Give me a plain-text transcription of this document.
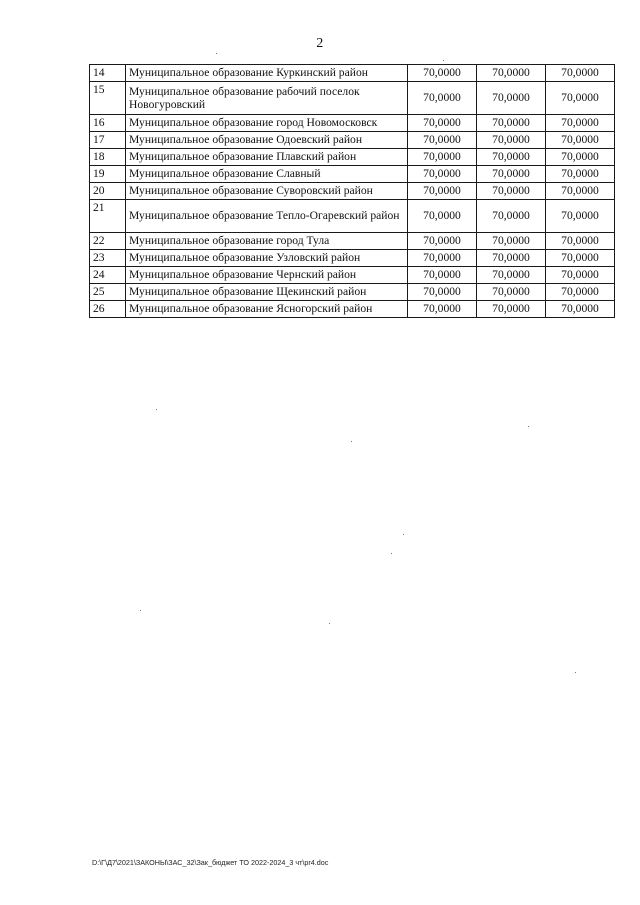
2
14	Муниципальное образование Куркинский район	70,0000	70,0000	70,0000
15	Муниципальное образование рабочий поселок Новогуровский	70,0000	70,0000	70,0000
16	Муниципальное образование город Новомосковск	70,0000	70,0000	70,0000
17	Муниципальное образование Одоевский район	70,0000	70,0000	70,0000
18	Муниципальное образование Плавский район	70,0000	70,0000	70,0000
19	Муниципальное образование Славный	70,0000	70,0000	70,0000
20	Муниципальное образование Суворовский район	70,0000	70,0000	70,0000
21	Муниципальное образование Тепло-Огаревский район	70,0000	70,0000	70,0000
22	Муниципальное образование город Тула	70,0000	70,0000	70,0000
23	Муниципальное образование Узловский район	70,0000	70,0000	70,0000
24	Муниципальное образование Чернский район	70,0000	70,0000	70,0000
25	Муниципальное образование Щекинский район	70,0000	70,0000	70,0000
26	Муниципальное образование Ясногорский район	70,0000	70,0000	70,0000
D:\Г\Д7\2021\ЗАКОНЫ\ЗАС_32\Зак_бюджет ТО 2022-2024_3 чт\pr4.doc
